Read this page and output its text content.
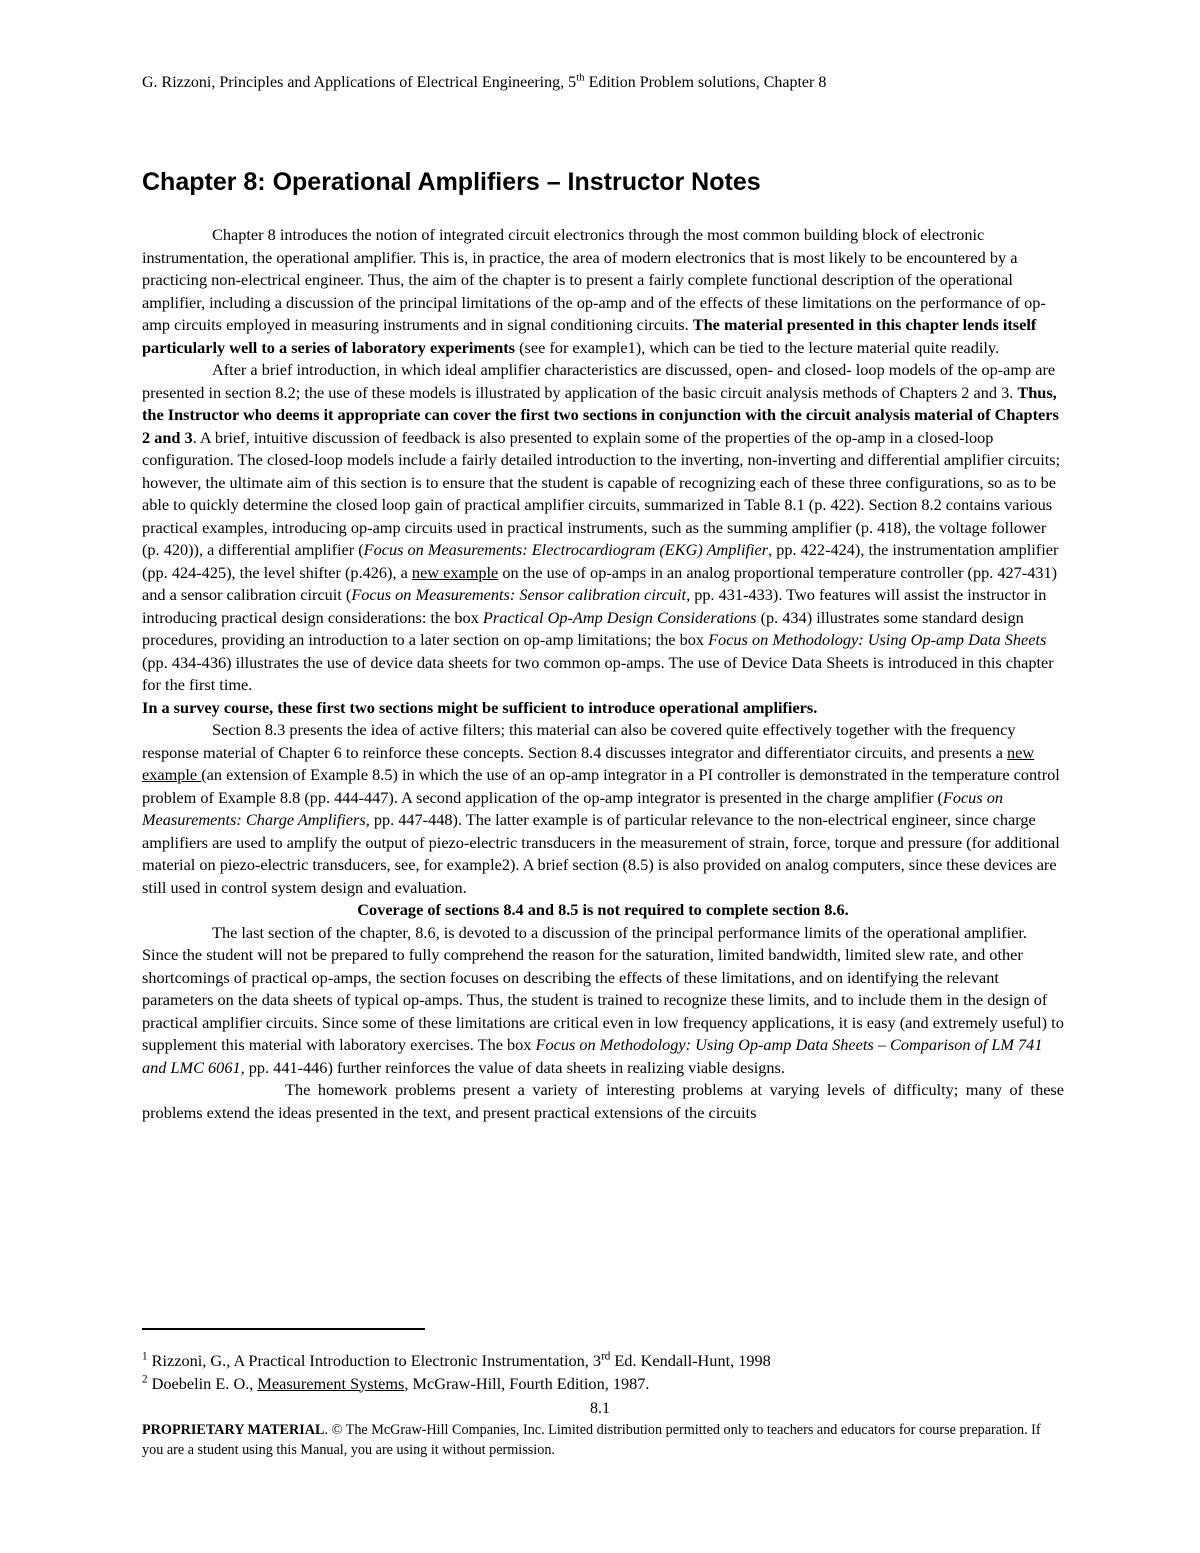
G. Rizzoni, Principles and Applications of Electrical Engineering, 5th Edition Problem solutions, Chapter 8
Chapter 8: Operational Amplifiers – Instructor Notes

Chapter 8 introduces the notion of integrated circuit electronics through the most common building block of electronic instrumentation, the operational amplifier. This is, in practice, the area of modern electronics that is most likely to be encountered by a practicing non-electrical engineer. Thus, the aim of the chapter is to present a fairly complete functional description of the operational amplifier, including a discussion of the principal limitations of the op-amp and of the effects of these limitations on the performance of op-amp circuits employed in measuring instruments and in signal conditioning circuits. The material presented in this chapter lends itself particularly well to a series of laboratory experiments (see for example1), which can be tied to the lecture material quite readily.

After a brief introduction, in which ideal amplifier characteristics are discussed, open- and closed- loop models of the op-amp are presented in section 8.2; the use of these models is illustrated by application of the basic circuit analysis methods of Chapters 2 and 3. Thus, the Instructor who deems it appropriate can cover the first two sections in conjunction with the circuit analysis material of Chapters 2 and 3. A brief, intuitive discussion of feedback is also presented to explain some of the properties of the op-amp in a closed-loop configuration. The closed-loop models include a fairly detailed introduction to the inverting, non-inverting and differential amplifier circuits; however, the ultimate aim of this section is to ensure that the student is capable of recognizing each of these three configurations, so as to be able to quickly determine the closed loop gain of practical amplifier circuits, summarized in Table 8.1 (p. 422). Section 8.2 contains various practical examples, introducing op-amp circuits used in practical instruments, such as the summing amplifier (p. 418), the voltage follower (p. 420)), a differential amplifier (Focus on Measurements: Electrocardiogram (EKG) Amplifier, pp. 422-424), the instrumentation amplifier (pp. 424-425), the level shifter (p.426), a new example on the use of op-amps in an analog proportional temperature controller (pp. 427-431) and a sensor calibration circuit (Focus on Measurements: Sensor calibration circuit, pp. 431-433). Two features will assist the instructor in introducing practical design considerations: the box Practical Op-Amp Design Considerations (p. 434) illustrates some standard design procedures, providing an introduction to a later section on op-amp limitations; the box Focus on Methodology: Using Op-amp Data Sheets (pp. 434-436) illustrates the use of device data sheets for two common op-amps. The use of Device Data Sheets is introduced in this chapter for the first time.

In a survey course, these first two sections might be sufficient to introduce operational amplifiers.

Section 8.3 presents the idea of active filters; this material can also be covered quite effectively together with the frequency response material of Chapter 6 to reinforce these concepts. Section 8.4 discusses integrator and differentiator circuits, and presents a new example (an extension of Example 8.5) in which the use of an op-amp integrator in a PI controller is demonstrated in the temperature control problem of Example 8.8 (pp. 444-447). A second application of the op-amp integrator is presented in the charge amplifier (Focus on Measurements: Charge Amplifiers, pp. 447-448). The latter example is of particular relevance to the non-electrical engineer, since charge amplifiers are used to amplify the output of piezo-electric transducers in the measurement of strain, force, torque and pressure (for additional material on piezo-electric transducers, see, for example2). A brief section (8.5) is also provided on analog computers, since these devices are still used in control system design and evaluation.

Coverage of sections 8.4 and 8.5 is not required to complete section 8.6.

The last section of the chapter, 8.6, is devoted to a discussion of the principal performance limits of the operational amplifier. Since the student will not be prepared to fully comprehend the reason for the saturation, limited bandwidth, limited slew rate, and other shortcomings of practical op-amps, the section focuses on describing the effects of these limitations, and on identifying the relevant parameters on the data sheets of typical op-amps. Thus, the student is trained to recognize these limits, and to include them in the design of practical amplifier circuits. Since some of these limitations are critical even in low frequency applications, it is easy (and extremely useful) to supplement this material with laboratory exercises. The box Focus on Methodology: Using Op-amp Data Sheets – Comparison of LM 741 and LMC 6061, pp. 441-446) further reinforces the value of data sheets in realizing viable designs.

The homework problems present a variety of interesting problems at varying levels of difficulty; many of these problems extend the ideas presented in the text, and present practical extensions of the circuits

$^1$ Rizzoni, G., A Practical Introduction to Electronic Instrumentation, 3rd Ed. Kendall-Hunt, 1998

$^2$ Doebelin E. O., Measurement Systems, McGraw-Hill, Fourth Edition, 1987.

8.1
PROPRIETARY MATERIAL. © The McGraw-Hill Companies, Inc. Limited distribution permitted only to teachers and educators for course preparation. If you are a student using this Manual, you are using it without permission.
